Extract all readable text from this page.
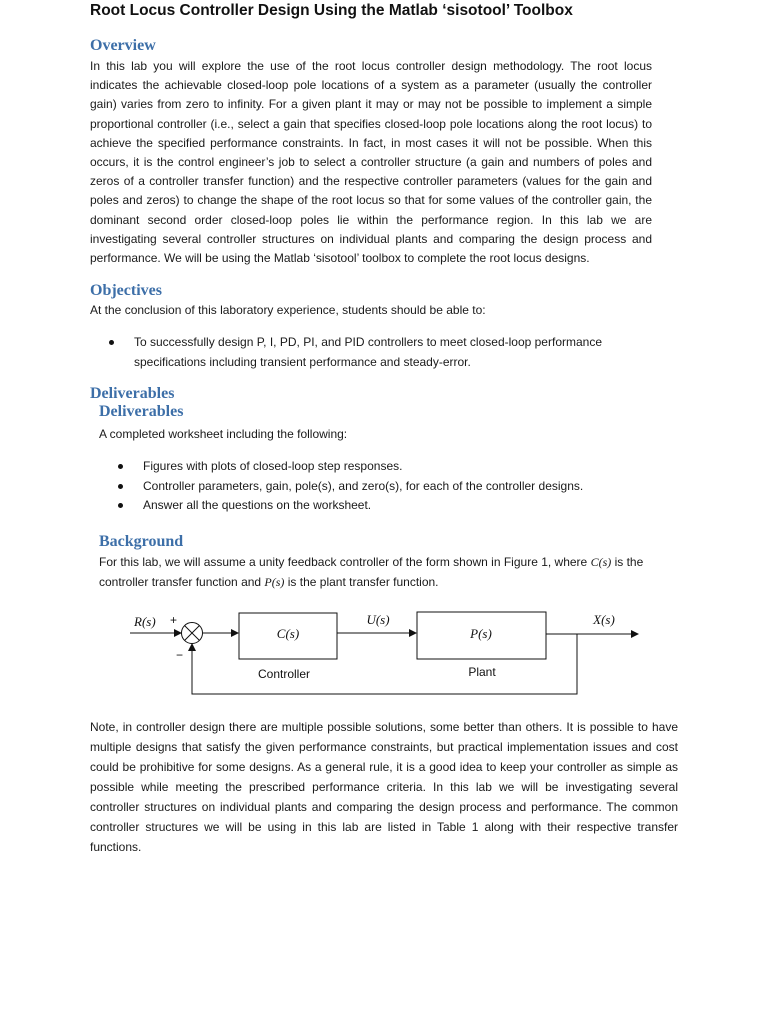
Root Locus Controller Design Using the Matlab ‘sisotool’ Toolbox
Overview

In this lab you will explore the use of the root locus controller design methodology. The root locus indicates the achievable closed-loop pole locations of a system as a parameter (usually the controller gain) varies from zero to infinity. For a given plant it may or may not be possible to implement a simple proportional controller (i.e., select a gain that specifies closed-loop pole locations along the root locus) to achieve the specified performance constraints. In fact, in most cases it will not be possible. When this occurs, it is the control engineer’s job to select a controller structure (a gain and numbers of poles and zeros of a controller transfer function) and the respective controller parameters (values for the gain and poles and zeros) to change the shape of the root locus so that for some values of the controller gain, the dominant second order closed-loop poles lie within the performance region. In this lab we are investigating several controller structures on individual plants and comparing the design process and performance. We will be using the Matlab ‘sisotool’ toolbox to complete the root locus designs.

Objectives

At the conclusion of this laboratory experience, students should be able to:

To successfully design P, I, PD, PI, and PID controllers to meet closed-loop performance specifications including transient performance and steady-error.
Deliverables
Deliverables

A completed worksheet including the following:

Figures with plots of closed-loop step responses.
Controller parameters, gain, pole(s), and zero(s), for each of the controller designs.
Answer all the questions on the worksheet.
Background

For this lab, we will assume a unity feedback controller of the form shown in Figure 1, where C(s) is the

controller transfer function and P(s) is the plant transfer function.

R(s) +
−
C(s)
Controller
U(s)
P(s)
Plant
X(s)

Note, in controller design there are multiple possible solutions, some better than others. It is possible to have multiple designs that satisfy the given performance constraints, but practical implementation issues and cost could be prohibitive for some designs. As a general rule, it is a good idea to keep your controller as simple as possible while meeting the prescribed performance criteria. In this lab we will be investigating several controller structures on individual plants and comparing the design process and performance. The common controller structures we will be using in this lab are listed in Table 1 along with their respective transfer functions.
